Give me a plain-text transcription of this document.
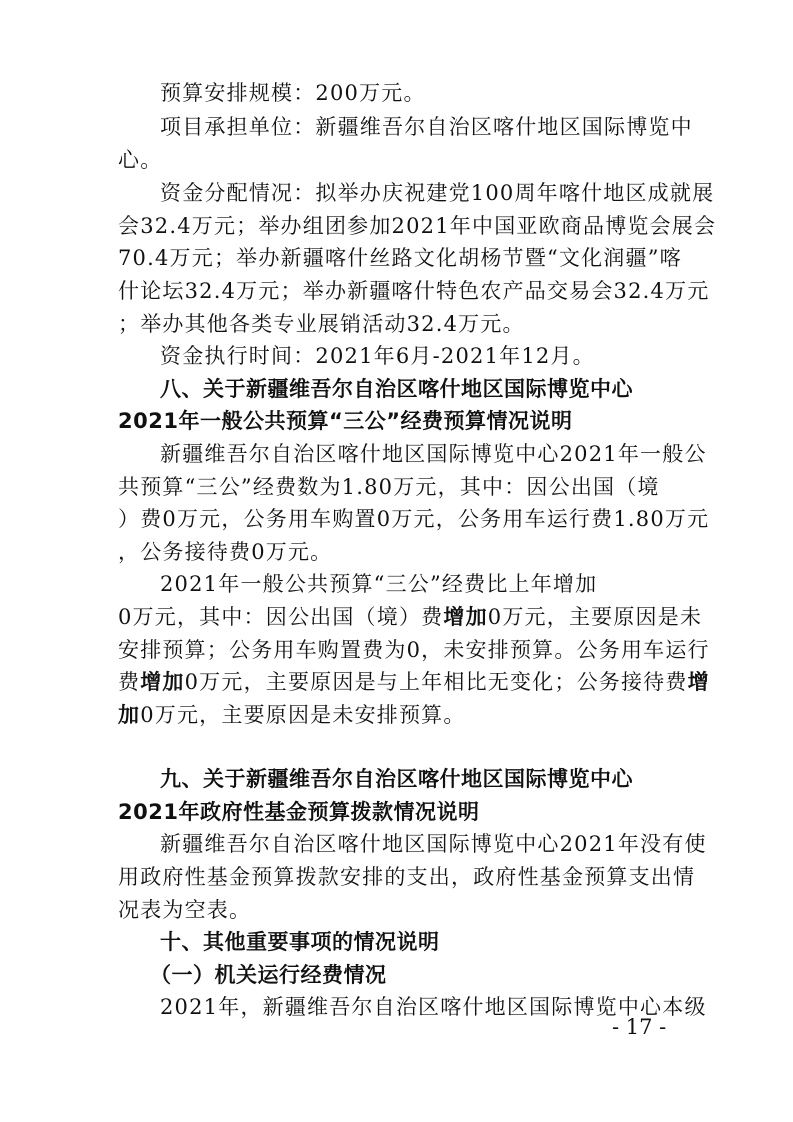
预算安排规模：200万元。
项目承担单位：新疆维吾尔自治区喀什地区国际博览中
心。
资金分配情况：拟举办庆祝建党100周年喀什地区成就展
会32.4万元；举办组团参加2021年中国亚欧商品博览会展会
70.4万元；举办新疆喀什丝路文化胡杨节暨“文化润疆”喀
什论坛32.4万元；举办新疆喀什特色农产品交易会32.4万元
；举办其他各类专业展销活动32.4万元。
资金执行时间：2021年6月-2021年12月。
八、关于新疆维吾尔自治区喀什地区国际博览中心
2021年一般公共预算“三公”经费预算情况说明
新疆维吾尔自治区喀什地区国际博览中心2021年一般公
共预算“三公”经费数为1.80万元，其中：因公出国（境
）费0万元，公务用车购置0万元，公务用车运行费1.80万元
，公务接待费0万元。
2021年一般公共预算“三公”经费比上年增加
0万元，其中：因公出国（境）费增加0万元，主要原因是未
安排预算；公务用车购置费为0，未安排预算。公务用车运行
费增加0万元，主要原因是与上年相比无变化；公务接待费增
加0万元，主要原因是未安排预算。
九、关于新疆维吾尔自治区喀什地区国际博览中心
2021年政府性基金预算拨款情况说明
新疆维吾尔自治区喀什地区国际博览中心2021年没有使
用政府性基金预算拨款安排的支出，政府性基金预算支出情
况表为空表。
十、其他重要事项的情况说明
（一）机关运行经费情况
2021年，新疆维吾尔自治区喀什地区国际博览中心本级
- 17 -
